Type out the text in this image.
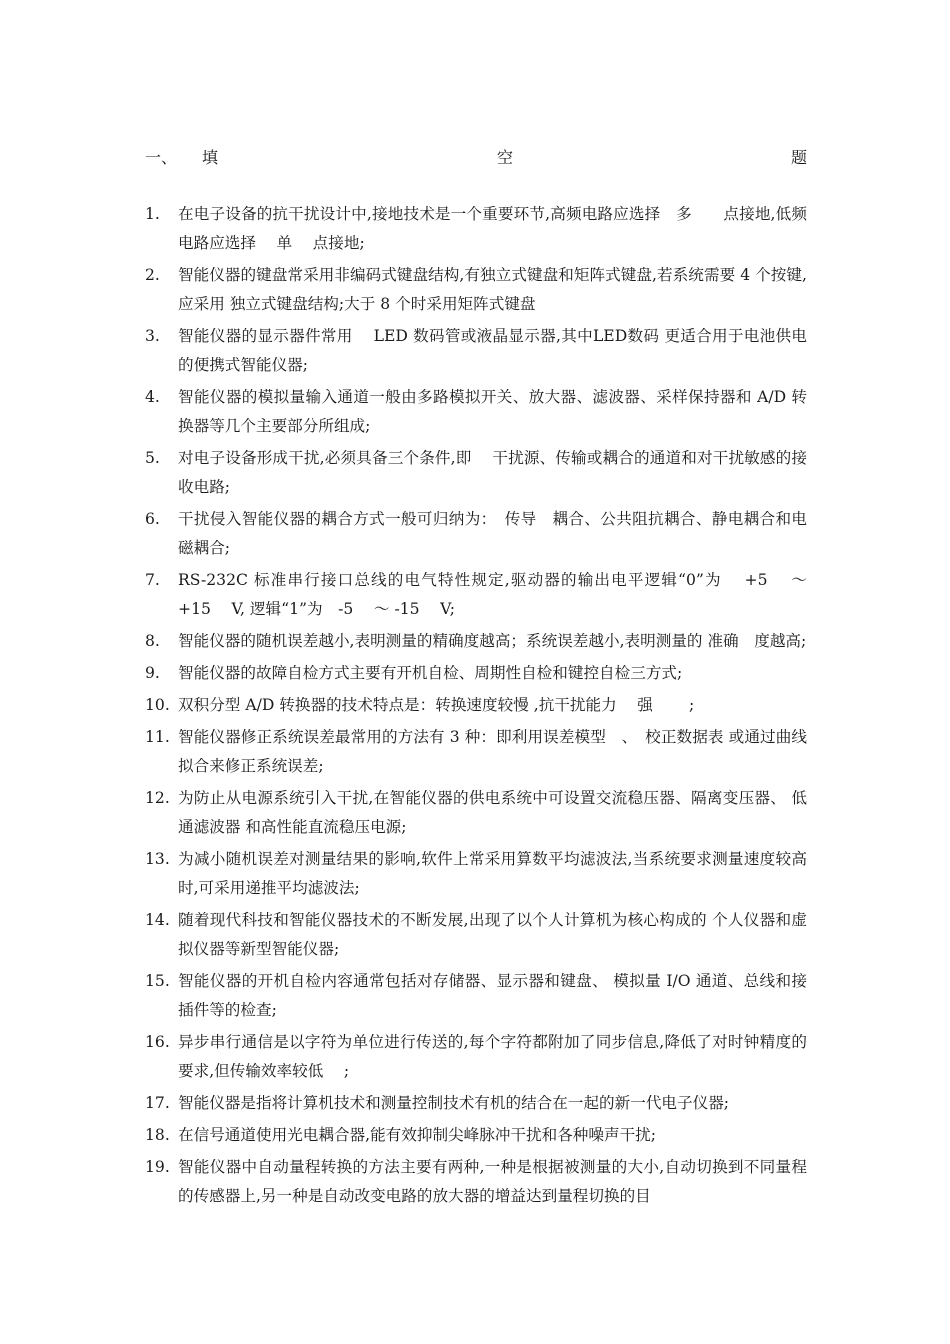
一、 填	空	题
1.	在电子设备的抗干扰设计中,接地技术是一个重要环节,高频电路应选择　多　　点接地,低频电路应选择　 单 　点接地;
2.	智能仪器的键盘常采用非编码式键盘结构,有独立式键盘和矩阵式键盘,若系统需要 4 个按键,应采用 独立式键盘结构;大于 8 个时采用矩阵式键盘
3.	智能仪器的显示器件常用　 LED 数码管或液晶显示器,其中LED数码 更适合用于电池供电的便携式智能仪器;
4.	智能仪器的模拟量输入通道一般由多路模拟开关、放大器、滤波器、采样保持器和 A/D 转换器等几个主要部分所组成;
5.	对电子设备形成干扰,必须具备三个条件,即　 干扰源、传输或耦合的通道和对干扰敏感的接收电路;
6.	干扰侵入智能仪器的耦合方式一般可归纳为：　传导　耦合、公共阻抗耦合、静电耦合和电磁耦合;
7.	RS-232C 标准串行接口总线的电气特性规定,驱动器的输出电平逻辑“0”为　 +5　 ～　+15　 V, 逻辑“1”为　-5　 ～ -15　 V;
8.	智能仪器的随机误差越小,表明测量的精确度越高；系统误差越小,表明测量的 准确　度越高;
9.	智能仪器的故障自检方式主要有开机自检、周期性自检和键控自检三方式;
10. 双积分型 A/D 转换器的技术特点是：转换速度较慢 ,抗干扰能力　 强　　 ;
11. 智能仪器修正系统误差最常用的方法有 3 种：即利用误差模型　、　校正数据表 或通过曲线拟合来修正系统误差;
12. 为防止从电源系统引入干扰,在智能仪器的供电系统中可设置交流稳压器、隔离变压器、 低通滤波器 和高性能直流稳压电源;
13. 为减小随机误差对测量结果的影响,软件上常采用算数平均滤波法,当系统要求测量速度较高时,可采用递推平均滤波法;
14. 随着现代科技和智能仪器技术的不断发展,出现了以个人计算机为核心构成的 个人仪器和虚拟仪器等新型智能仪器;
15. 智能仪器的开机自检内容通常包括对存储器、显示器和键盘、 模拟量 I/O 通道、总线和接插件等的检查;
16. 异步串行通信是以字符为单位进行传送的,每个字符都附加了同步信息,降低了对时钟精度的要求,但传输效率较低　 ;
17. 智能仪器是指将计算机技术和测量控制技术有机的结合在一起的新一代电子仪器;
18. 在信号通道使用光电耦合器,能有效抑制尖峰脉冲干扰和各种噪声干扰;
19. 智能仪器中自动量程转换的方法主要有两种,一种是根据被测量的大小,自动切换到不同量程的传感器上,另一种是自动改变电路的放大器的增益达到量程切换的目
